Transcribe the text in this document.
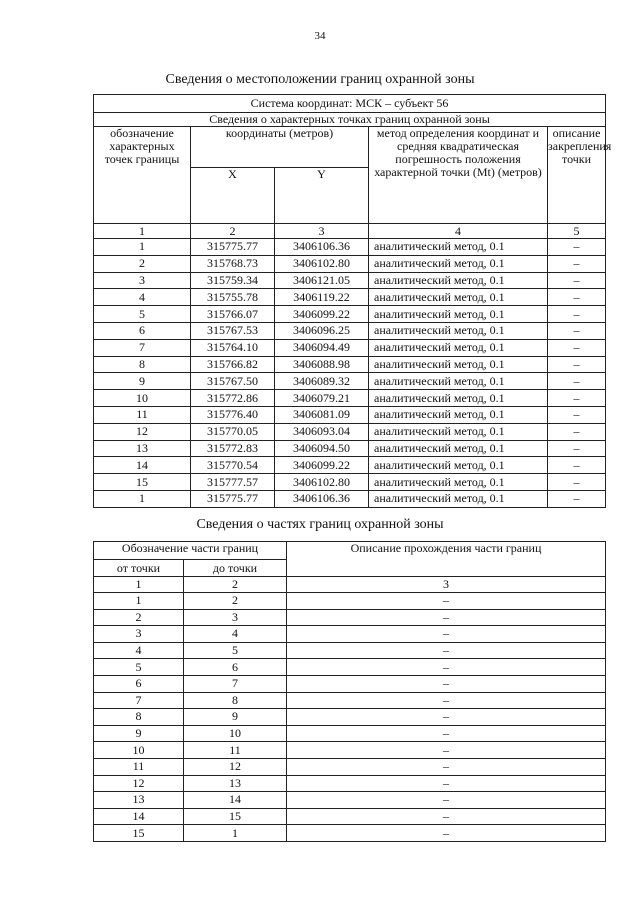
34
Сведения о местоположении границ охранной зоны
Система координат: МСК – субъект 56				
Сведения о характерных точках границ охранной зоны				
обозначение характерных точек границы	координаты (метров)		метод определения координат и средняя квадратическая погрешность положения характерной точки (Mt) (метров)	описание закрепления точки
	X	Y		
1	2	3	4	5
1	315775.77	3406106.36	аналитический метод, 0.1	–
2	315768.73	3406102.80	аналитический метод, 0.1	–
3	315759.34	3406121.05	аналитический метод, 0.1	–
4	315755.78	3406119.22	аналитический метод, 0.1	–
5	315766.07	3406099.22	аналитический метод, 0.1	–
6	315767.53	3406096.25	аналитический метод, 0.1	–
7	315764.10	3406094.49	аналитический метод, 0.1	–
8	315766.82	3406088.98	аналитический метод, 0.1	–
9	315767.50	3406089.32	аналитический метод, 0.1	–
10	315772.86	3406079.21	аналитический метод, 0.1	–
11	315776.40	3406081.09	аналитический метод, 0.1	–
12	315770.05	3406093.04	аналитический метод, 0.1	–
13	315772.83	3406094.50	аналитический метод, 0.1	–
14	315770.54	3406099.22	аналитический метод, 0.1	–
15	315777.57	3406102.80	аналитический метод, 0.1	–
1	315775.77	3406106.36	аналитический метод, 0.1	–
Сведения о частях границ охранной зоны
Обозначение части границ		Описание прохождения части границ
от точки	до точки	
1	2	3
1	2	–
2	3	–
3	4	–
4	5	–
5	6	–
6	7	–
7	8	–
8	9	–
9	10	–
10	11	–
11	12	–
12	13	–
13	14	–
14	15	–
15	1	–
